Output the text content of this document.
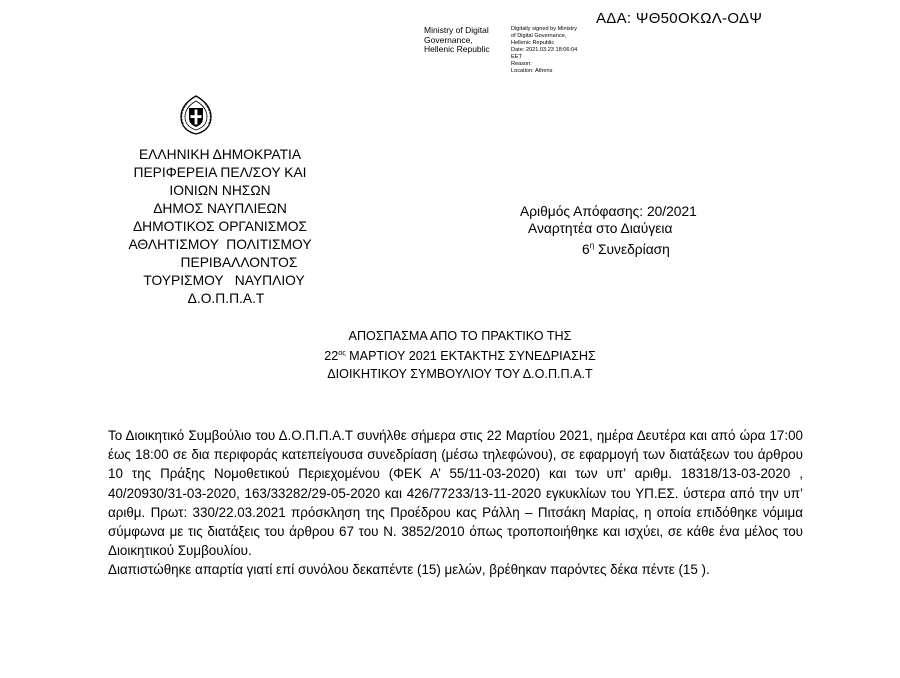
ΑΔΑ: ΨΘ50ΟΚΩΛ-ΟΔΨ
Ministry of Digital
Governance,
Hellenic Republic
Digitally signed by Ministry
of Digital Governance,
Hellenic Republic
Date: 2021.03.23 18:06:04
EET
Reason:
Location: Athens
ΕΛΛΗΝΙΚΗ ΔΗΜΟΚΡΑΤΙΑ
ΠΕΡΙΦΕΡΕΙΑ ΠΕΛ/ΣΟΥ ΚΑΙ
ΙΟΝΙΩΝ ΝΗΣΩΝ
ΔΗΜΟΣ ΝΑΥΠΛΙΕΩΝ
ΔΗΜΟΤΙΚΟΣ ΟΡΓΑΝΙΣΜΟΣ
ΑΘΛΗΤΙΣΜΟΥ  ΠΟΛΙΤΙΣΜΟΥ
ΠΕΡΙΒΑΛΛΟΝΤΟΣ
ΤΟΥΡΙΣΜΟΥ   ΝΑΥΠΛΙΟΥ
Δ.Ο.Π.Π.Α.Τ
Αριθμός Απόφασης: 20/2021
Αναρτητέα στο Διαύγεια
$6^\eta$ Συνεδρίαση
ΑΠΟΣΠΑΣΜΑ ΑΠΟ ΤΟ ΠΡΑΚΤΙΚΟ ΤΗΣ
$22^{\alpha\varsigma}$ ΜΑΡΤΙΟΥ 2021 ΕΚΤΑΚΤΗΣ ΣΥΝΕΔΡΙΑΣΗΣ
ΔΙΟΙΚΗΤΙΚΟΥ ΣΥΜΒΟΥΛΙΟΥ ΤΟΥ Δ.Ο.Π.Π.Α.Τ

Το Διοικητικό Συμβούλιο του Δ.Ο.Π.Π.Α.Τ συνήλθε σήμερα στις 22 Μαρτίου 2021, ημέρα Δευτέρα και από ώρα 17:00 έως 18:00 σε δια περιφοράς κατεπείγουσα συνεδρίαση (μέσω τηλεφώνου), σε εφαρμογή των διατάξεων του άρθρου 10 της Πράξης Νομοθετικού Περιεχομένου (ΦΕΚ Α’ 55/11-03-2020) και των υπ’ αριθμ. 18318/13-03-2020 , 40/20930/31-03-2020, 163/33282/29-05-2020 και 426/77233/13-11-2020 εγκυκλίων του ΥΠ.ΕΣ. ύστερα από την υπ’ αριθμ. Πρωτ: 330/22.03.2021 πρόσκληση της Προέδρου κας Ράλλη – Πιτσάκη Μαρίας, η οποία επιδόθηκε νόμιμα σύμφωνα με τις διατάξεις του άρθρου 67 του Ν. 3852/2010 όπως τροποποιήθηκε και ισχύει, σε κάθε ένα μέλος του Διοικητικού Συμβουλίου.

Διαπιστώθηκε απαρτία γιατί επί συνόλου δεκαπέντε (15) μελών, βρέθηκαν παρόντες δέκα πέντε (15 ).
